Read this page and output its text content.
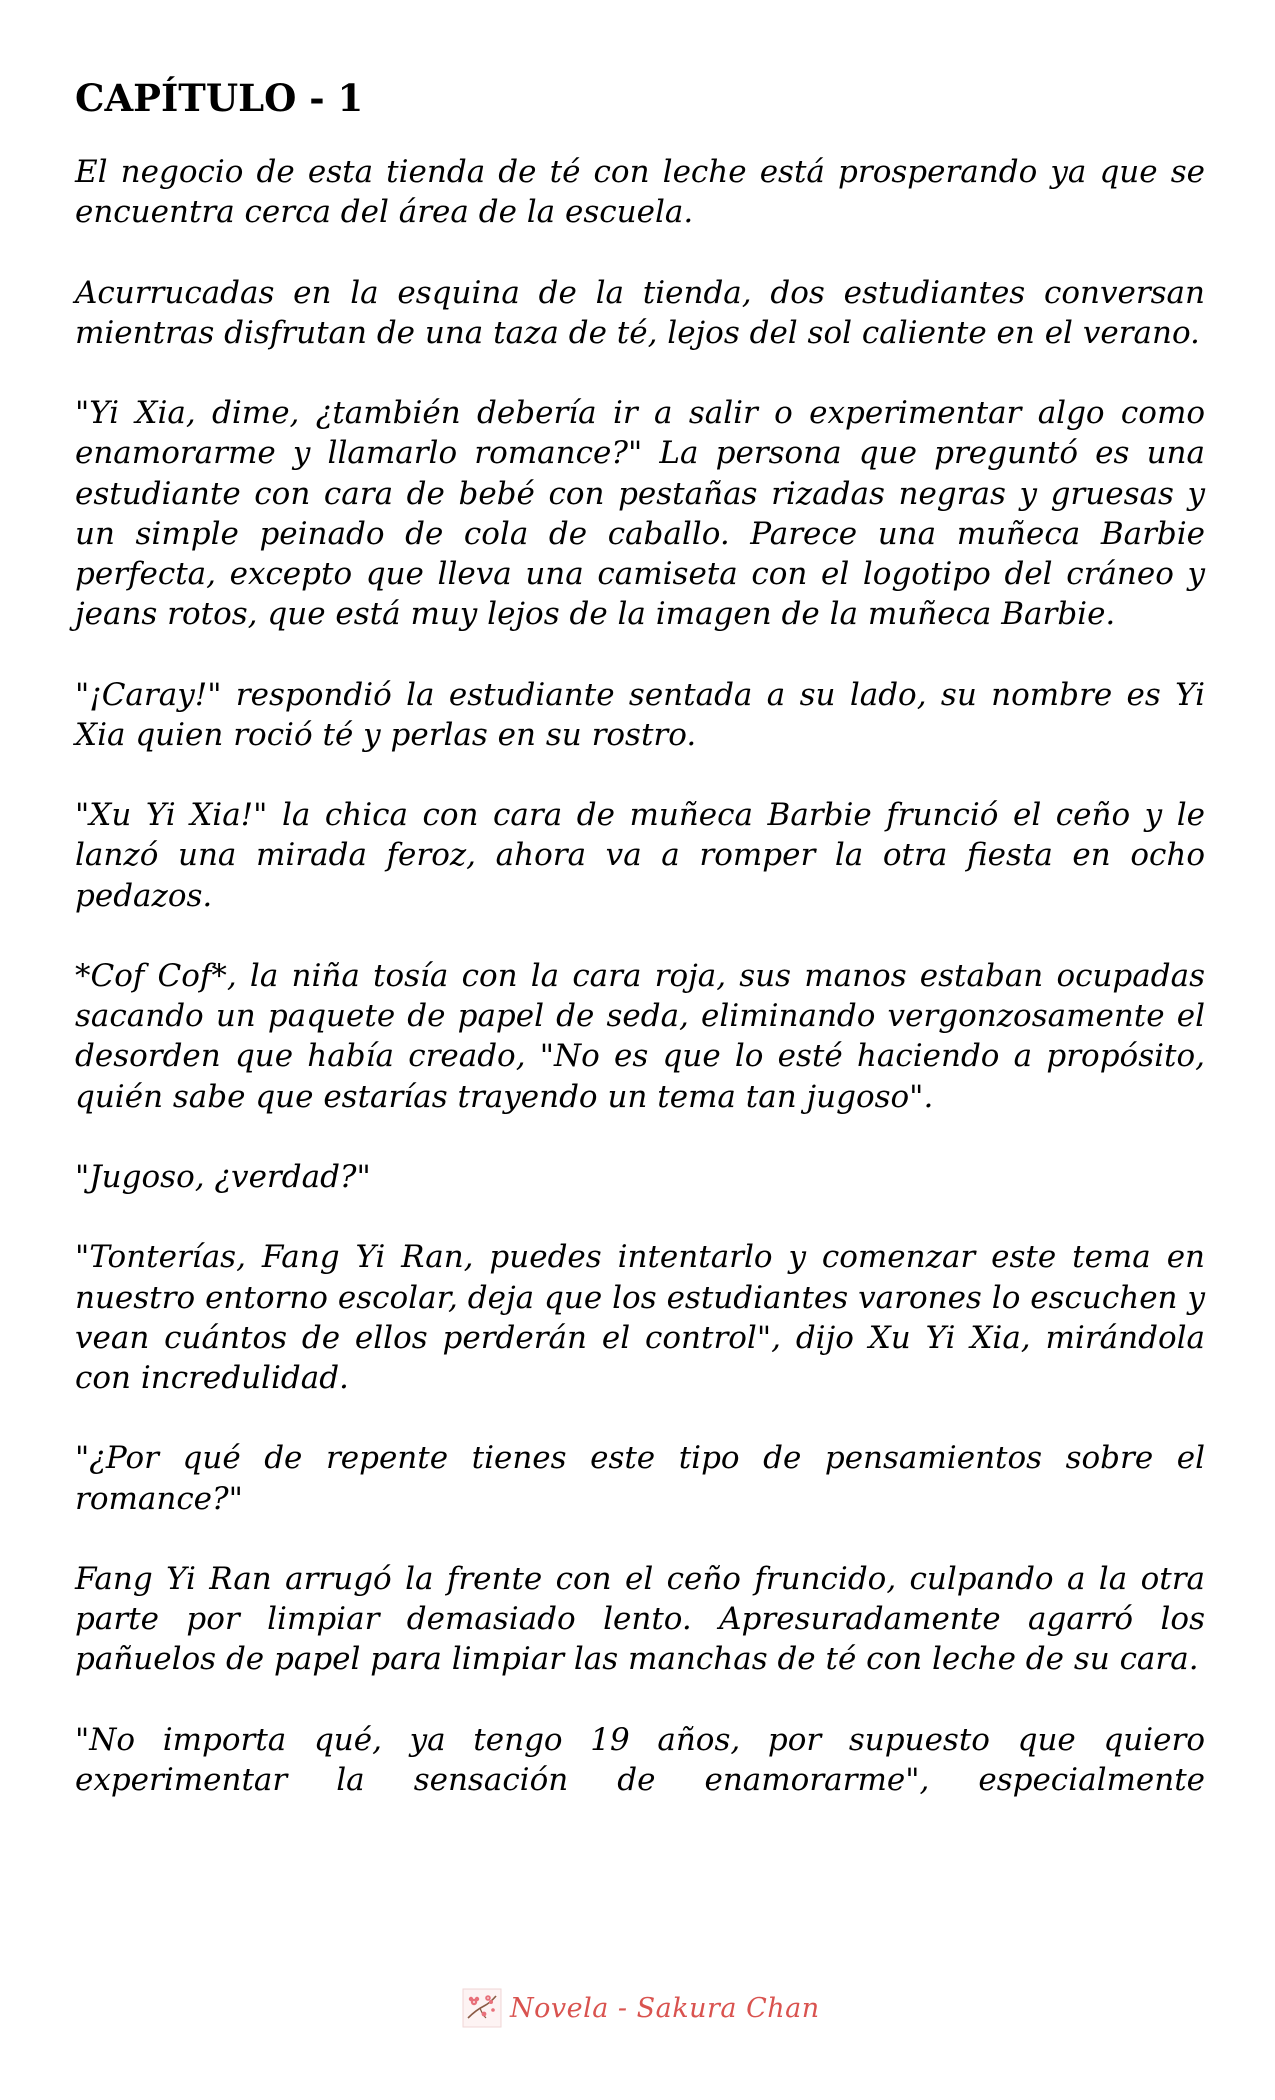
CAPÍTULO - 1

El negocio de esta tienda de té con leche está prosperando ya que se encuentra cerca del área de la escuela.

Acurrucadas en la esquina de la tienda, dos estudiantes conversan mientras disfrutan de una taza de té, lejos del sol caliente en el verano.

"Yi Xia, dime, ¿también debería ir a salir o experimentar algo como enamorarme y llamarlo romance?" La persona que preguntó es una estudiante con cara de bebé con pestañas rizadas negras y gruesas y un simple peinado de cola de caballo. Parece una muñeca Barbie perfecta, excepto que lleva una camiseta con el logotipo del cráneo y jeans rotos, que está muy lejos de la imagen de la muñeca Barbie.

"¡Caray!" respondió la estudiante sentada a su lado, su nombre es Yi Xia quien roció té y perlas en su rostro.

"Xu Yi Xia!" la chica con cara de muñeca Barbie frunció el ceño y le lanzó una mirada feroz, ahora va a romper la otra fiesta en ocho pedazos.

*Cof Cof*, la niña tosía con la cara roja, sus manos estaban ocupadas sacando un paquete de papel de seda, eliminando vergonzosamente el desorden que había creado, "No es que lo esté haciendo a propósito, quién sabe que estarías trayendo un tema tan jugoso".

"Jugoso, ¿verdad?"

"Tonterías, Fang Yi Ran, puedes intentarlo y comenzar este tema en nuestro entorno escolar, deja que los estudiantes varones lo escuchen y vean cuántos de ellos perderán el control", dijo Xu Yi Xia, mirándola con incredulidad.

"¿Por qué de repente tienes este tipo de pensamientos sobre el romance?"

Fang Yi Ran arrugó la frente con el ceño fruncido, culpando a la otra parte por limpiar demasiado lento. Apresuradamente agarró los pañuelos de papel para limpiar las manchas de té con leche de su cara.

"No importa qué, ya tengo 19 años, por supuesto que quiero experimentar la sensación de enamorarme", especialmente

Novela - Sakura Chan
